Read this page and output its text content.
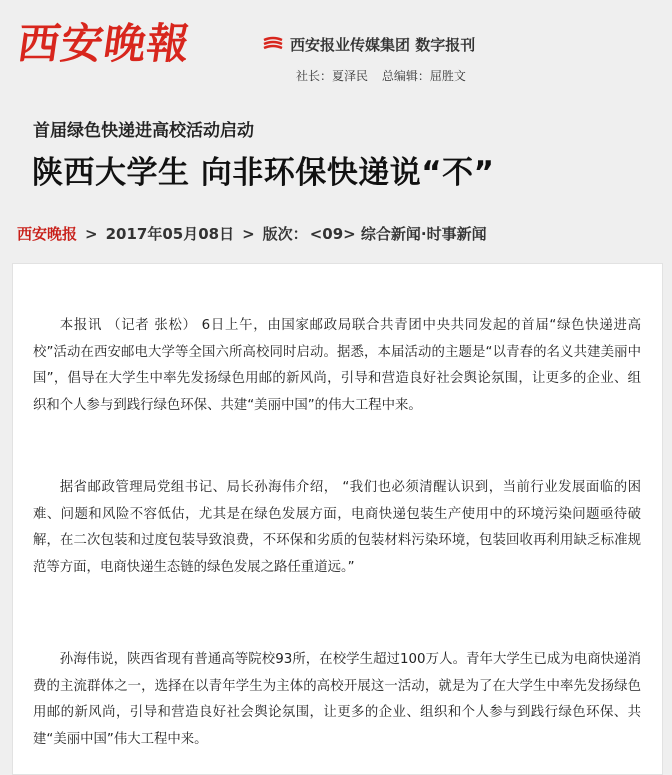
西安晚報	西安报业传媒集团 数字报刊
社长：夏泽民 总编辑：屈胜文
首届绿色快递进高校活动启动
陕西大学生 向非环保快递说“不”
西安晚报 > 2017年05月08日 > 版次： <09> 综合新闻·时事新闻

本报讯 （记者 张松） 6日上午，由国家邮政局联合共青团中央共同发起的首届“绿色快递进高校”活动在西安邮电大学等全国六所高校同时启动。据悉，本届活动的主题是“以青春的名义共建美丽中国”，倡导在大学生中率先发扬绿色用邮的新风尚，引导和营造良好社会舆论氛围，让更多的企业、组织和个人参与到践行绿色环保、共建“美丽中国”的伟大工程中来。

据省邮政管理局党组书记、局长孙海伟介绍， “我们也必须清醒认识到，当前行业发展面临的困难、问题和风险不容低估，尤其是在绿色发展方面，电商快递包装生产使用中的环境污染问题亟待破解，在二次包装和过度包装导致浪费，不环保和劣质的包装材料污染环境，包装回收再利用缺乏标准规范等方面，电商快递生态链的绿色发展之路任重道远。”

孙海伟说，陕西省现有普通高等院校93所，在校学生超过100万人。青年大学生已成为电商快递消费的主流群体之一，选择在以青年学生为主体的高校开展这一活动，就是为了在大学生中率先发扬绿色用邮的新风尚，引导和营造良好社会舆论氛围，让更多的企业、组织和个人参与到践行绿色环保、共建“美丽中国”伟大工程中来。
